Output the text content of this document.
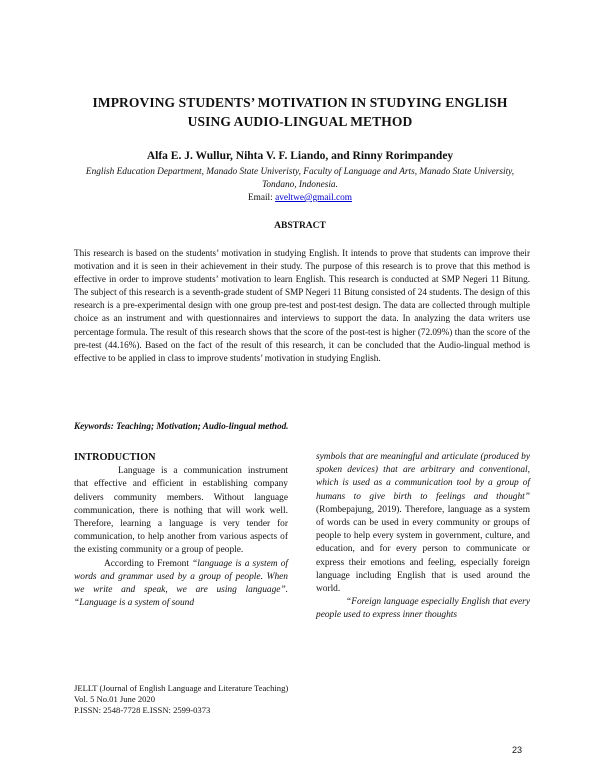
IMPROVING STUDENTS’ MOTIVATION IN STUDYING ENGLISH
USING AUDIO-LINGUAL METHOD
Alfa E. J. Wullur, Nihta V. F. Liando, and Rinny Rorimpandey
English Education Department, Manado State Univeristy, Faculty of Language and Arts, Manado State University, Tondano, Indonesia.
Email: aveltwe@gmail.com
ABSTRACT

This research is based on the students’ motivation in studying English. It intends to prove that students can improve their motivation and it is seen in their achievement in their study. The purpose of this research is to prove that this method is effective in order to improve students’ motivation to learn English. This research is conducted at SMP Negeri 11 Bitung. The subject of this research is a seventh-grade student of SMP Negeri 11 Bitung consisted of 24 students. The design of this research is a pre-experimental design with one group pre-test and post-test design. The data are collected through multiple choice as an instrument and with questionnaires and interviews to support the data. In analyzing the data writers use percentage formula. The result of this research shows that the score of the post-test is higher (72.09%) than the score of the pre-test (44.16%). Based on the fact of the result of this research, it can be concluded that the Audio-lingual method is effective to be applied in class to improve students’ motivation in studying English.

Keywords: Teaching; Motivation; Audio-lingual method.
INTRODUCTION

Language is a communication instrument that effective and efficient in establishing company delivers community members. Without language communication, there is nothing that will work well. Therefore, learning a language is very tender for communication, to help another from various aspects of the existing community or a group of people.

According to Fremont “language is a system of words and grammar used by a group of people. When we write and speak, we are using language”. “Language is a system of sound

symbols that are meaningful and articulate (produced by spoken devices) that are arbitrary and conventional, which is used as a communication tool by a group of humans to give birth to feelings and thought” (Rombepajung, 2019). Therefore, language as a system of words can be used in every community or groups of people to help every system in government, culture, and education, and for every person to communicate or express their emotions and feeling, especially foreign language including English that is used around the world.

“Foreign language especially English that every people used to express inner thoughts

JELLT (Journal of English Language and Literature Teaching)
Vol. 5 No.01 June 2020
P.ISSN: 2548-7728 E.ISSN: 2599-0373
23
